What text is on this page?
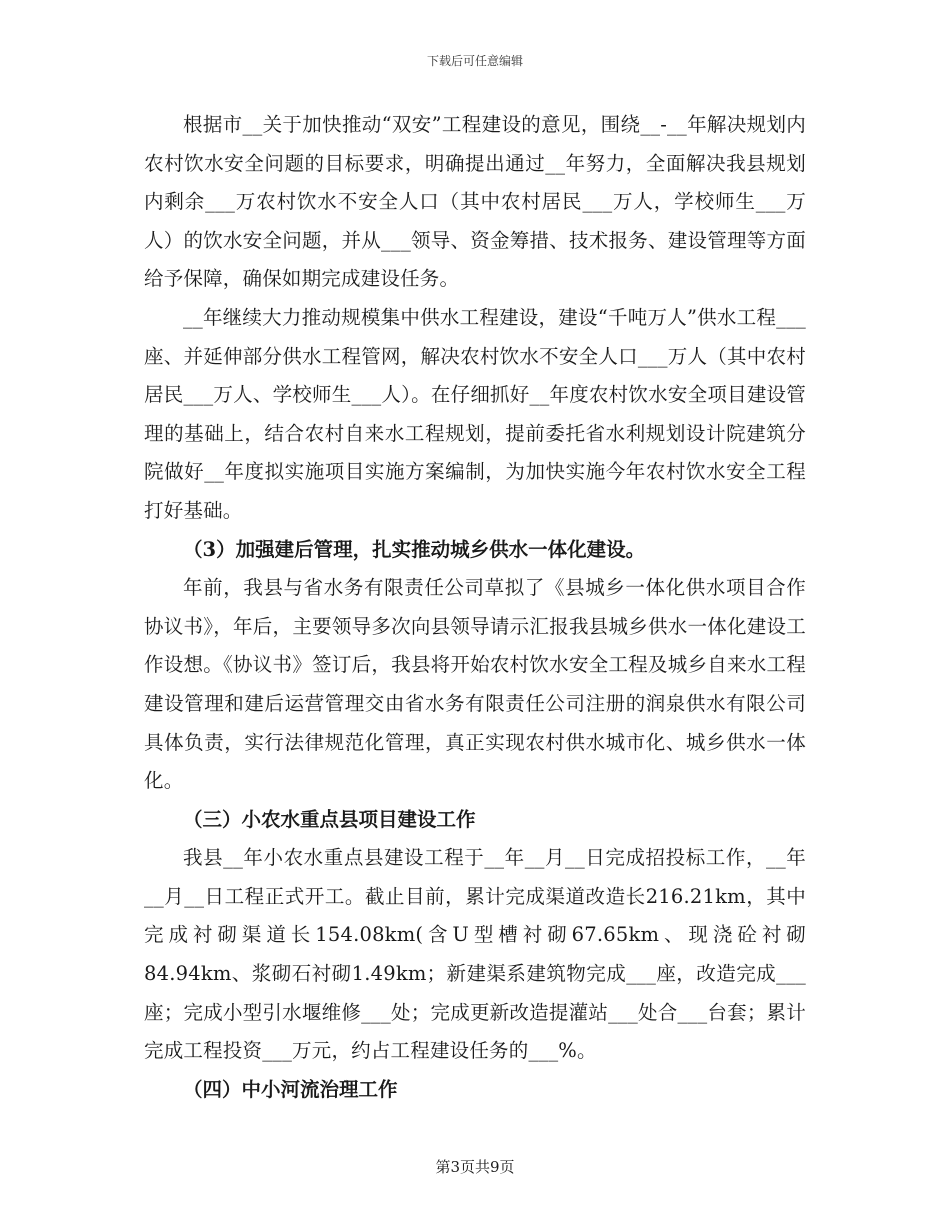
下载后可任意编辑

根据市__关于加快推动“双安”工程建设的意见，围绕__-__年解决规划内农村饮水安全问题的目标要求，明确提出通过__年努力，全面解决我县规划内剩余___万农村饮水不安全人口（其中农村居民___万人，学校师生___万人）的饮水安全问题，并从___领导、资金筹措、技术报务、建设管理等方面给予保障，确保如期完成建设任务。

__年继续大力推动规模集中供水工程建设，建设“千吨万人”供水工程___座、并延伸部分供水工程管网，解决农村饮水不安全人口___万人（其中农村居民___万人、学校师生___人）。在仔细抓好__年度农村饮水安全项目建设管理的基础上，结合农村自来水工程规划，提前委托省水利规划设计院建筑分院做好__年度拟实施项目实施方案编制，为加快实施今年农村饮水安全工程打好基础。

（3）加强建后管理，扎实推动城乡供水一体化建设。

年前，我县与省水务有限责任公司草拟了《县城乡一体化供水项目合作协议书》，年后，主要领导多次向县领导请示汇报我县城乡供水一体化建设工作设想。《协议书》签订后，我县将开始农村饮水安全工程及城乡自来水工程建设管理和建后运营管理交由省水务有限责任公司注册的润泉供水有限公司具体负责，实行法律规范化管理，真正实现农村供水城市化、城乡供水一体化。

（三）小农水重点县项目建设工作

我县__年小农水重点县建设工程于__年__月__日完成招投标工作，__年__月__日工程正式开工。截止目前，累计完成渠道改造长216.21km，其中完成衬砌渠道长154.08km(含U型槽衬砌67.65km、现浇砼衬砌84.94km、浆砌石衬砌1.49km；新建渠系建筑物完成___座，改造完成___座；完成小型引水堰维修___处；完成更新改造提灌站___处合___台套；累计完成工程投资___万元，约占工程建设任务的___%。

（四）中小河流治理工作

第3页共9页
